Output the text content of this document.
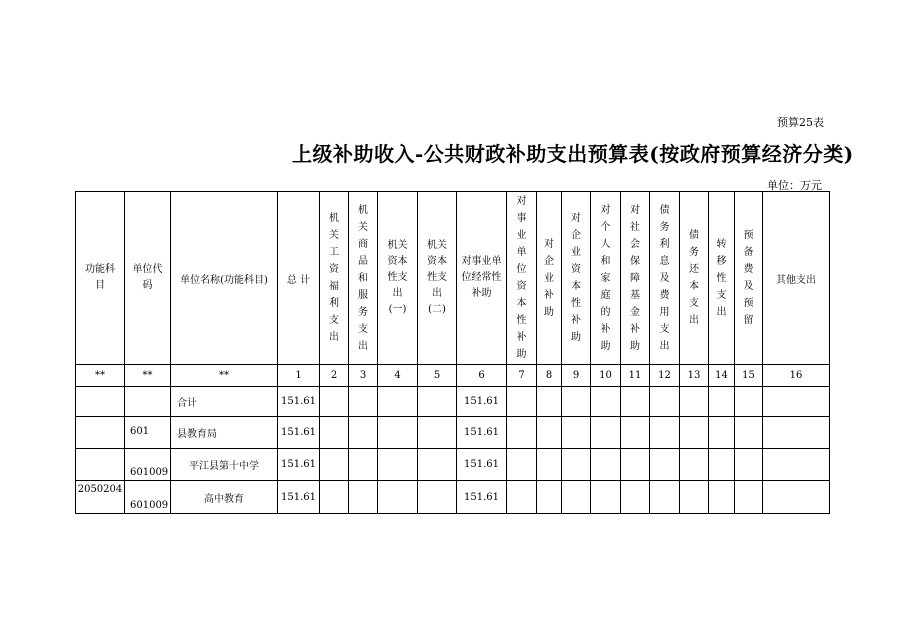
预算25表
上级补助收入-公共财政补助支出预算表(按政府预算经济分类)
单位：万元
功能科目	单位代码	单位名称(功能科目)	总 计	机关工资福利支出	机关商品和服务支出	机关资本性支出(一)	机关资本性支出(二)	对事业单位经常性补助	对事业单位资本性补助	对企业补助	对企业资本性补助	对个人和家庭的补助	对社会保障基金补助	债务利息及费用支出	债务还本支出	转移性支出	预备费及预留	其他支出
**	**	**	1	2	3	4	5	6	7	8	9	10	11	12	13	14	15	16
		合计	151.61					151.61										
	601	县教育局	151.61					151.61										
	601009	平江县第十中学	151.61					151.61										
2050204	601009	高中教育	151.61					151.61										
